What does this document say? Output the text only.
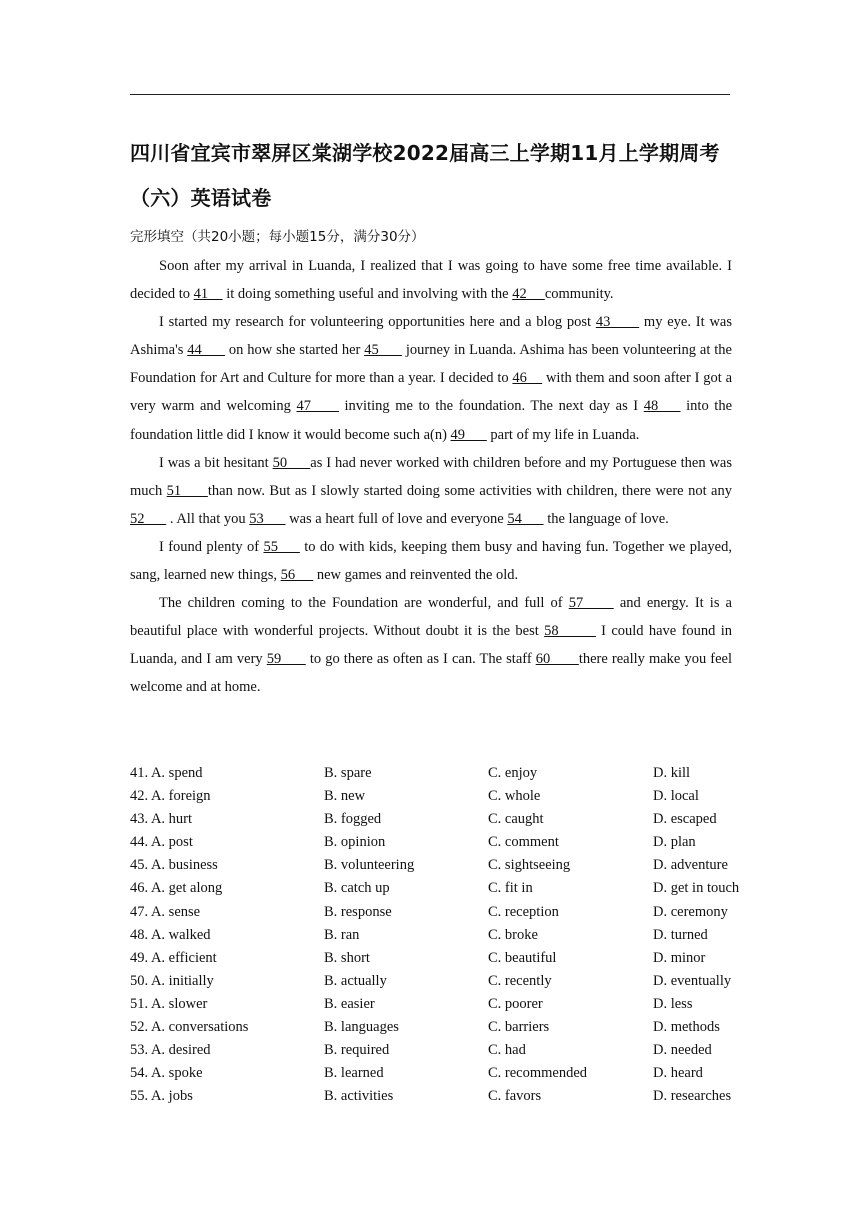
四川省宜宾市翠屏区棠湖学校2022届高三上学期11月上学期周考
（六）英语试卷
完形填空（共20小题；每小题15分，满分30分）

Soon after my arrival in Luanda, I realized that I was going to have some free time available. I decided to 41     it doing something useful and involving with the 42     community.

I started my research for volunteering opportunities here and a blog post 43       my eye. It was Ashima's 44       on how she started her 45       journey in Luanda. Ashima has been volunteering at the Foundation for Art and Culture for more than a year. I decided to 46     with them and soon after I got a very warm and welcoming 47      inviting me to the foundation. The next day as I 48     into the foundation little did I know it would become such a(n) 49       part of my life in Luanda.

I was a bit hesitant 50      as I had never worked with children before and my Portuguese then was much 51      than now. But as I slowly started doing some activities with children, there were not any 52       . All that you 53       was a heart full of love and everyone 54       the language of love.

I found plenty of 55      to do with kids, keeping them busy and having fun. Together we played, sang, learned new things, 56      new games and reinvented the old.

The children coming to the Foundation are wonderful, and full of 57      and energy. It is a beautiful place with wonderful projects. Without doubt it is the best 58        I could have found in Luanda, and I am very 59       to go there as often as I can. The staff 60       there really make you feel welcome and at home.

41. A. spend	B. spare	C. enjoy	D. kill
42. A. foreign	B. new	C. whole	D. local
43. A. hurt	B. fogged	C. caught	D. escaped
44. A. post	B. opinion	C. comment	D. plan
45. A. business	B. volunteering	C. sightseeing	D. adventure
46. A. get along	B. catch up	C. fit in	D. get in touch
47. A. sense	B. response	C. reception	D. ceremony
48. A. walked	B. ran	C. broke	D. turned
49. A. efficient	B. short	C. beautiful	D. minor
50. A. initially	B. actually	C. recently	D. eventually
51. A. slower	B. easier	C. poorer	D. less
52. A. conversations	B. languages	C. barriers	D. methods
53. A. desired	B. required	C. had	D. needed
54. A. spoke	B. learned	C. recommended	D. heard
55. A. jobs	B. activities	C. favors	D. researches
